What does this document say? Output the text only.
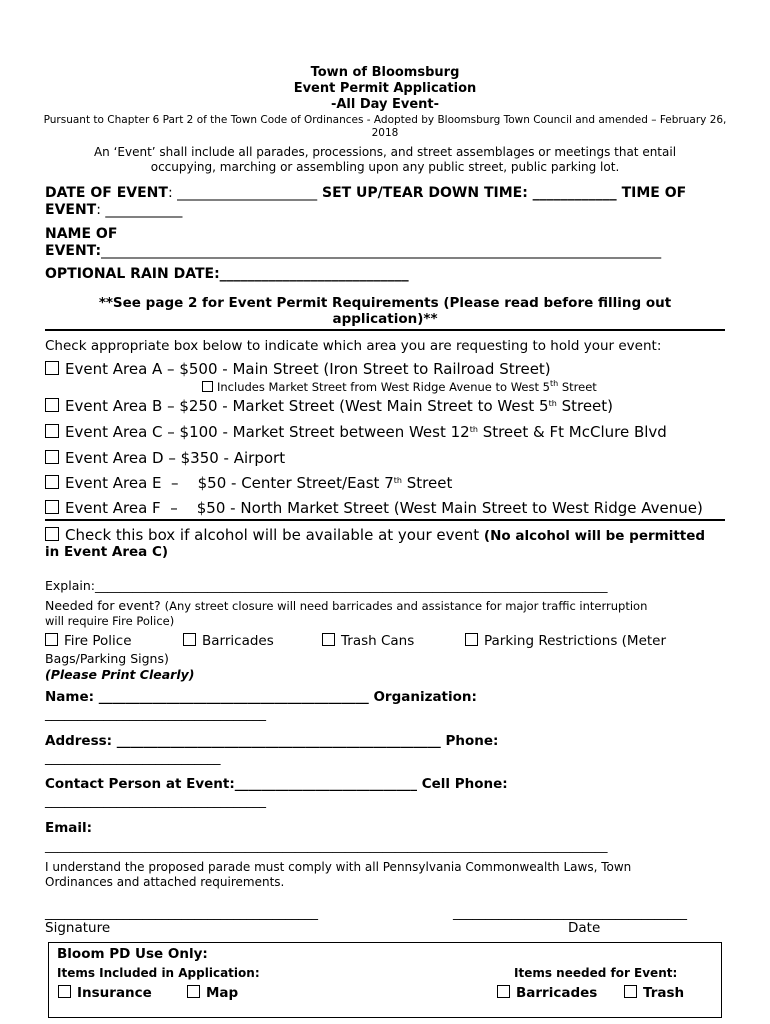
Town of Bloomsburg
Event Permit Application
-All Day Event-
Pursuant to Chapter 6 Part 2 of the Town Code of Ordinances - Adopted by Bloomsburg Town Council and amended – February 26, 2018
An ‘Event’ shall include all parades, processions, and street assemblages or meetings that entail occupying, marching or assembling upon any public street, public parking lot.
DATE OF EVENT: ____________________ SET UP/TEAR DOWN TIME: ____________ TIME OF
EVENT: ___________
NAME OF
EVENT:________________________________________________________________________________
OPTIONAL RAIN DATE:___________________________
**See page 2 for Event Permit Requirements (Please read before filling out application)**
Check appropriate box below to indicate which area you are requesting to hold your event:
Event Area A – $500 - Main Street (Iron Street to Railroad Street)
Includes Market Street from West Ridge Avenue to West 5th Street
Event Area B – $250 - Market Street (West Main Street to West 5th Street)
Event Area C – $100 - Market Street between West 12th Street & Ft McClure Blvd
Event Area D – $350 - Airport
Event Area E  –    $50 - Center Street/East 7th Street
Event Area F  –    $50 - North Market Street (West Main Street to West Ridge Avenue)
Check this box if alcohol will be available at your event (No alcohol will be permitted
in Event Area C)
Explain:__________________________________________________________________________________
Needed for event? (Any street closure will need barricades and assistance for major traffic interruption
will require Fire Police)
Fire Police	Barricades	Trash Cans	Parking Restrictions (Meter
Bags/Parking Signs)
(Please Print Clearly)
Name: ________________________________________ Organization:
__________________________________
Address: ________________________________________________ Phone:
___________________________
Contact Person at Event:___________________________ Cell Phone:
__________________________________
Email:
__________________________________________________________________________________________
I understand the proposed parade must comply with all Pennsylvania Commonwealth Laws, Town Ordinances and attached requirements.
__________________________________________
Signature
____________________________________
Date
Bloom PD Use Only:
Items Included in Application:	Items needed for Event:
Insurance	Map	Barricades	Trash
